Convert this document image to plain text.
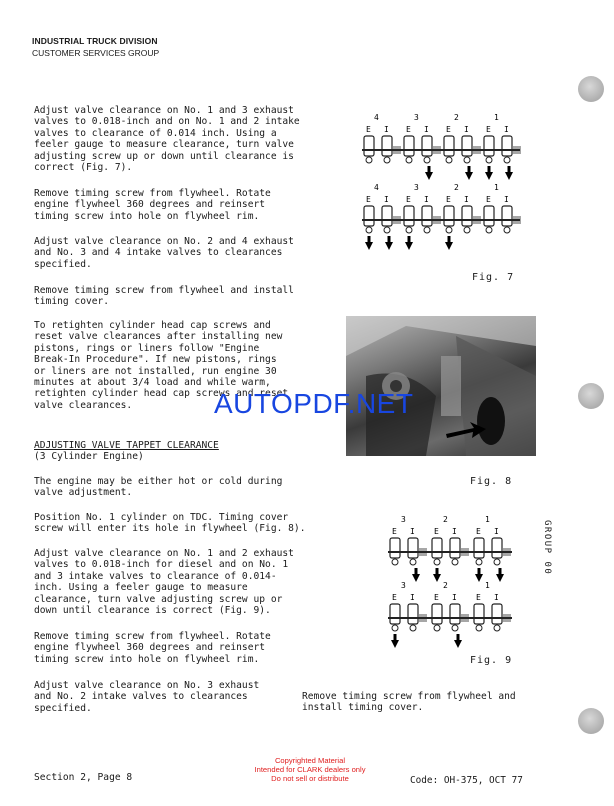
INDUSTRIAL TRUCK DIVISION
CUSTOMER SERVICES GROUP
Adjust valve clearance on No. 1 and 3 exhaust
valves to 0.018-inch and on No. 1 and 2 intake
valves to clearance of 0.014 inch. Using a
feeler gauge to measure clearance, turn valve
adjusting screw up or down until clearance is
correct (Fig. 7).
Remove timing screw from flywheel. Rotate
engine flywheel 360 degrees and reinsert
timing screw into hole on flywheel rim.
Adjust valve clearance on No. 2 and 4 exhaust
and No. 3 and 4 intake valves to clearances
specified.
Remove timing screw from flywheel and install
timing cover.
To retighten cylinder head cap screws and
reset valve clearances after installing new
pistons, rings or liners follow "Engine
Break-In Procedure". If new pistons, rings
or liners are not installed, run engine 30
minutes at about 3/4 load and while warm,
retighten cylinder head cap screws and reset
valve clearances.
ADJUSTING VALVE TAPPET CLEARANCE
(3 Cylinder Engine)
The engine may be either hot or cold during
valve adjustment.
Position No. 1 cylinder on TDC. Timing cover
screw will enter its hole in flywheel (Fig. 8).
Adjust valve clearance on No. 1 and 2 exhaust
valves to 0.018-inch for diesel and on No. 1
and 3 intake valves to clearance of 0.014-
inch. Using a feeler gauge to measure
clearance, turn valve adjusting screw up or
down until clearance is correct (Fig. 9).
Remove timing screw from flywheel. Rotate
engine flywheel 360 degrees and reinsert
timing screw into hole on flywheel rim.
Adjust valve clearance on No. 3 exhaust
and No. 2 intake valves to clearances
specified.
Remove timing screw from flywheel and
install timing cover.
4
E I
3
E I
2
E I
1
E I
4
E I
3
E I
2
E I
1
E I
Fig. 7
AUTOPDF.NET
Fig. 8
3
E I
2
E I
1
E I
3
E I
2
E I
1
E I
Fig. 9
GROUP 00
Copyrighted Material
Intended for CLARK dealers only
Do not sell or distribute
Section 2, Page 8	Code: OH-375, OCT 77
